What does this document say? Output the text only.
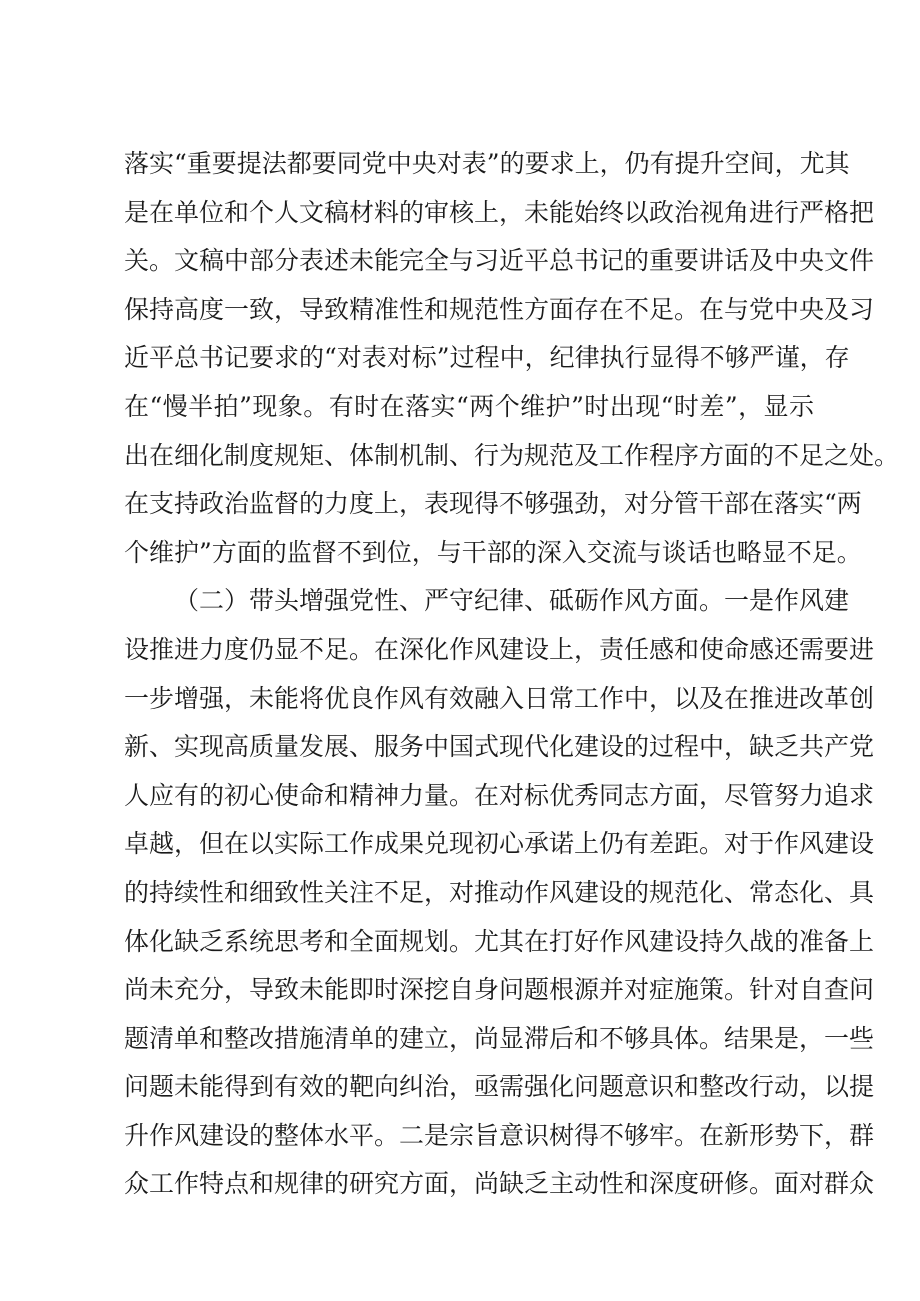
落实“重要提法都要同党中央对表”的要求上，仍有提升空间，尤其
是在单位和个人文稿材料的审核上，未能始终以政治视角进行严格把
关。文稿中部分表述未能完全与习近平总书记的重要讲话及中央文件
保持高度一致，导致精准性和规范性方面存在不足。在与党中央及习
近平总书记要求的“对表对标”过程中，纪律执行显得不够严谨，存
在“慢半拍”现象。有时在落实“两个维护”时出现“时差”，显示
出在细化制度规矩、体制机制、行为规范及工作程序方面的不足之处。
在支持政治监督的力度上，表现得不够强劲，对分管干部在落实“两
个维护”方面的监督不到位，与干部的深入交流与谈话也略显不足。
（二）带头增强党性、严守纪律、砥砺作风方面。一是作风建
设推进力度仍显不足。在深化作风建设上，责任感和使命感还需要进
一步增强，未能将优良作风有效融入日常工作中，以及在推进改革创
新、实现高质量发展、服务中国式现代化建设的过程中，缺乏共产党
人应有的初心使命和精神力量。在对标优秀同志方面，尽管努力追求
卓越，但在以实际工作成果兑现初心承诺上仍有差距。对于作风建设
的持续性和细致性关注不足，对推动作风建设的规范化、常态化、具
体化缺乏系统思考和全面规划。尤其在打好作风建设持久战的准备上
尚未充分，导致未能即时深挖自身问题根源并对症施策。针对自查问
题清单和整改措施清单的建立，尚显滞后和不够具体。结果是，一些
问题未能得到有效的靶向纠治，亟需强化问题意识和整改行动，以提
升作风建设的整体水平。二是宗旨意识树得不够牢。在新形势下，群
众工作特点和规律的研究方面，尚缺乏主动性和深度研修。面对群众
